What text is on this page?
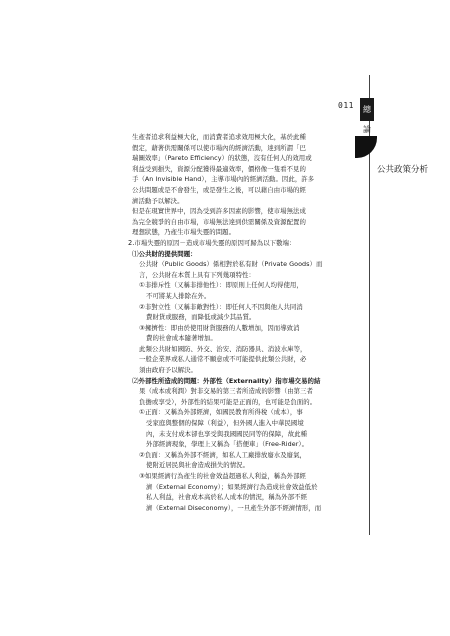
011	總
論
公共政策分析

生產者追求利益極大化，而消費者追求效用極大化，基於此種

假定，藉著供需關係可以使市場內的經濟活動，達到所謂「巴

瑞圖效率」（Pareto Efficiency）的狀態，沒有任何人的效用或

利益受到損失，資源分配獲得最適效率，價格像一隻看不見的

手（An Invisible Hand），主導市場內的經濟活動。因此，許多

公共問題或是不會發生，或是發生之後，可以藉自由市場的經

濟活動予以解決。

但是在現實世界中，因為受到許多因素的影響，使市場無法成

為完全競爭的自由市場，市場無法達到供需關係及資源配置的

理想狀態，乃產生市場失靈的問題。

2.市場失靈的原因－造成市場失靈的原因可歸為以下數端：

⑴公共財的提供問題：

公共財（Public Goods）係相對於私有財（Private Goods）而

言，公共財在本質上具有下列幾項特性：

①非排斥性（又稱非排他性）：即原則上任何人均得使用，

不可將某人排除在外。

②非對立性（又稱非敵對性）：即任何人不因與他人共同消

費財貨或服務，而降低或減少其品質。

③擁擠性：即由於使用財貨服務的人數增加，因而導致消

費的社會成本隨著增加。

此類公共財如國防、外交、治安、消防器具、消波水庫等，

一般企業界或私人通常不願意或不可能提供此類公共財，必

須由政府予以解決。

⑵外部性所造成的問題：外部性（Externality）指市場交易的結

果（成本或利潤）對非交易的第三者所造成的影響（由第三者

負擔或享受），外部性的結果可能是正面的，也可能是負面的。

①正面：又稱為外部經濟，如國民教育所得稅（成本），事

受家庭與整個的保障（利益），但外國人進入中華民國境

內，未支付成本卻也享受與我國國民同等的保障，故此種

外部經濟現象，學理上又稱為「搭便車」（Free-Rider）。

②負面：又稱為外部不經濟，如私人工廠排放廢水及廢氣，

使附近居民與社會造成損失的情況。

③如果經濟行為產生的社會效益超過私人利益，稱為外部經

濟（External Economy）；如果經濟行為造成社會效益低於

私人利益，社會成本高於私人成本的情況，稱為外部不經

濟（External Diseconomy），一旦產生外部不經濟情形，而
